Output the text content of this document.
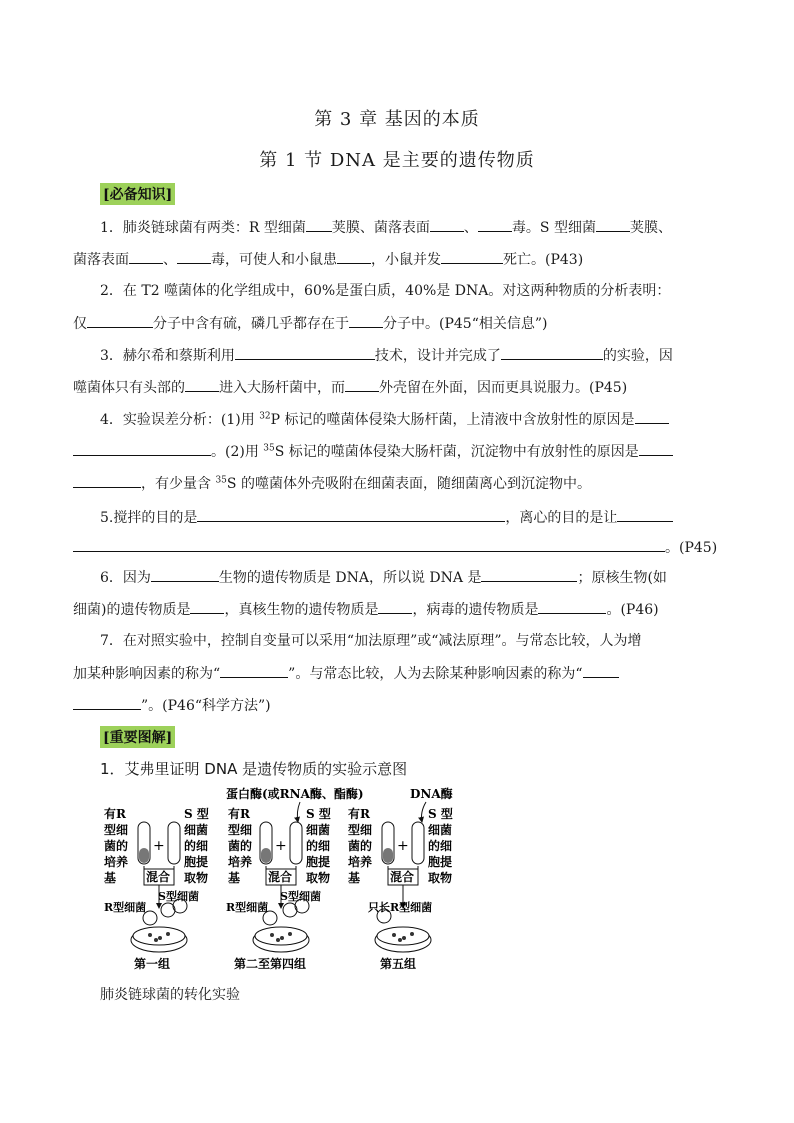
第 3 章 基因的本质
第 1 节 DNA 是主要的遗传物质
[必备知识]
1．肺炎链球菌有两类：R 型细菌 荚膜、菌落表面 、 毒。S 型细菌 荚膜、
菌落表面 、 毒，可使人和小鼠患 ，小鼠并发	死亡。(P43)
2．在 T2 噬菌体的化学组成中，60%是蛋白质，40%是 DNA。对这两种物质的分析表明：
仅	分子中含有硫，磷几乎都存在于 分子中。(P45“相关信息”)
3．赫尔希和蔡斯利用	技术，设计并完成了	的实验，因
噬菌体只有头部的 进入大肠杆菌中，而 外壳留在外面，因而更具说服力。(P45)
4．实验误差分析：(1)用 $^{32}$P 标记的噬菌体侵染大肠杆菌，上清液中含放射性的原因是
。(2)用 $^{35}$S 标记的噬菌体侵染大肠杆菌，沉淀物中有放射性的原因是
，有少量含 $^{35}$S 的噬菌体外壳吸附在细菌表面，随细菌离心到沉淀物中。
5.搅拌的目的是	，离心的目的是让
。(P45)
6．因为	生物的遗传物质是 DNA，所以说 DNA 是	；原核生物(如
细菌)的遗传物质是 ，真核生物的遗传物质是 ，病毒的遗传物质是	。(P46)
7．在对照实验中，控制自变量可以采用“加法原理”或“减法原理”。与常态比较，人为增
加某种影响因素的称为“	”。与常态比较，人为去除某种影响因素的称为“
”。(P46“科学方法”)
[重要图解]
1．艾弗里证明 DNA 是遗传物质的实验示意图
蛋白酶(或RNA酶、酯酶)	DNA酶
有R
型细
菌的
培养
基
S 型
细菌
的细
胞提
取物
+
混合
S型细菌
R型细菌
第一组
有R
型细
菌的
培养
基
S 型
细菌
的细
胞提
取物
+
混合
S型细菌
R型细菌
第二至第四组
有R
型细
菌的
培养
基
S 型
细菌
的细
胞提
取物
+
混合
只长R型细菌
第五组
肺炎链球菌的转化实验
